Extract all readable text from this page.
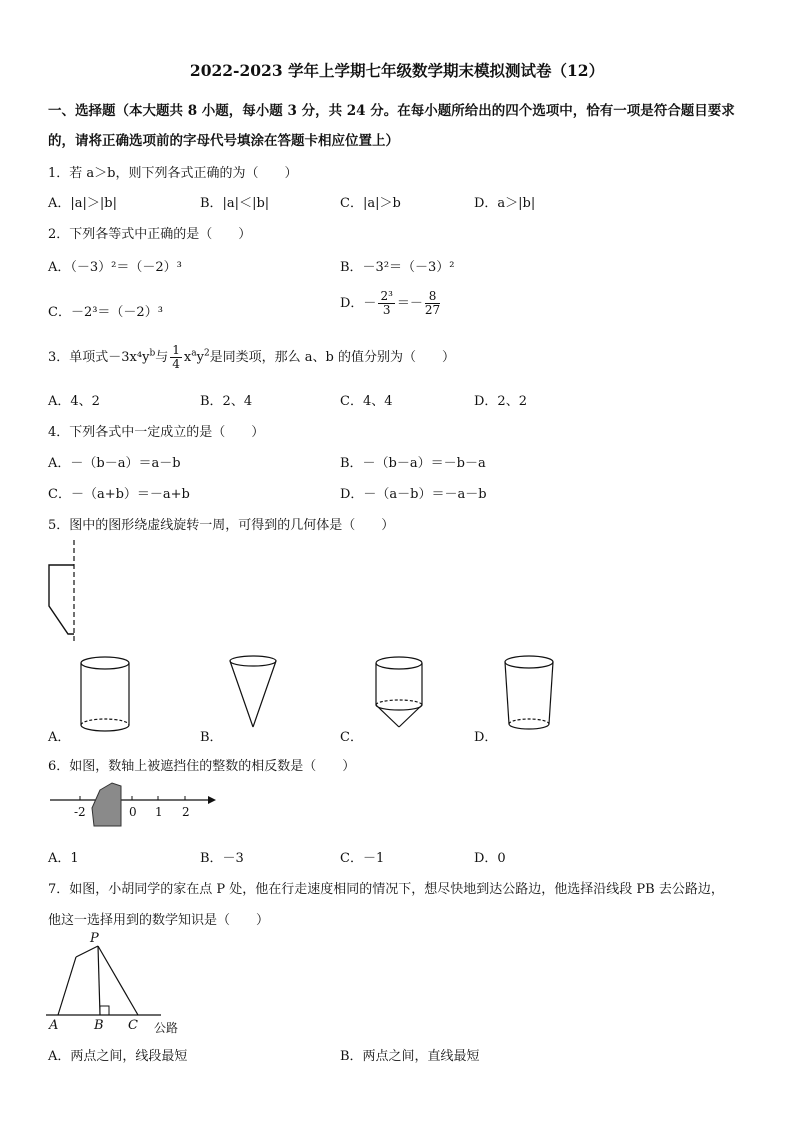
2022-2023 学年上学期七年级数学期末模拟测试卷（12）
一、选择题（本大题共 8 小题，每小题 3 分，共 24 分。在每小题所给出的四个选项中，恰有一项是符合题目要求
的，请将正确选项前的字母代号填涂在答题卡相应位置上）
1．若 a＞b，则下列各式正确的为（　　）
A．|a|＞|b|	B．|a|＜|b|	C．|a|＞b	D．a＞|b|
2．下列各等式中正确的是（　　）
A．（－3）²＝（－2）³	B．－3²＝（－3）²
C．－2³＝（－2）³
D．－ $\frac{\text{2³}}{3} =- \frac{8}{27}$
3．单项式$-3x^4y^b$与 $\frac{1}{4} x^ay^2$是同类项，那么 a、b 的值分别为（　　）
A．4、2	B．2、4	C．4、4	D．2、2
4．下列各式中一定成立的是（　　）
A．－（b－a）＝a－b	B．－（b－a）＝－b－a
C．－（a+b）＝－a+b	D．－（a－b）＝－a－b
5．图中的图形绕虚线旋转一周，可得到的几何体是（　　）
A．	B．	C．	D．
6．如图，数轴上被遮挡住的整数的相反数是（　　）
-2	0 1 2
A．1	B．－3	C．－1	D．0
7．如图，小胡同学的家在点 P 处，他在行走速度相同的情况下，想尽快地到达公路边，他选择沿线段 PB 去公路边，
他这一选择用到的数学知识是（　　）
P
A	B C 公路
A．两点之间，线段最短	B．两点之间，直线最短
